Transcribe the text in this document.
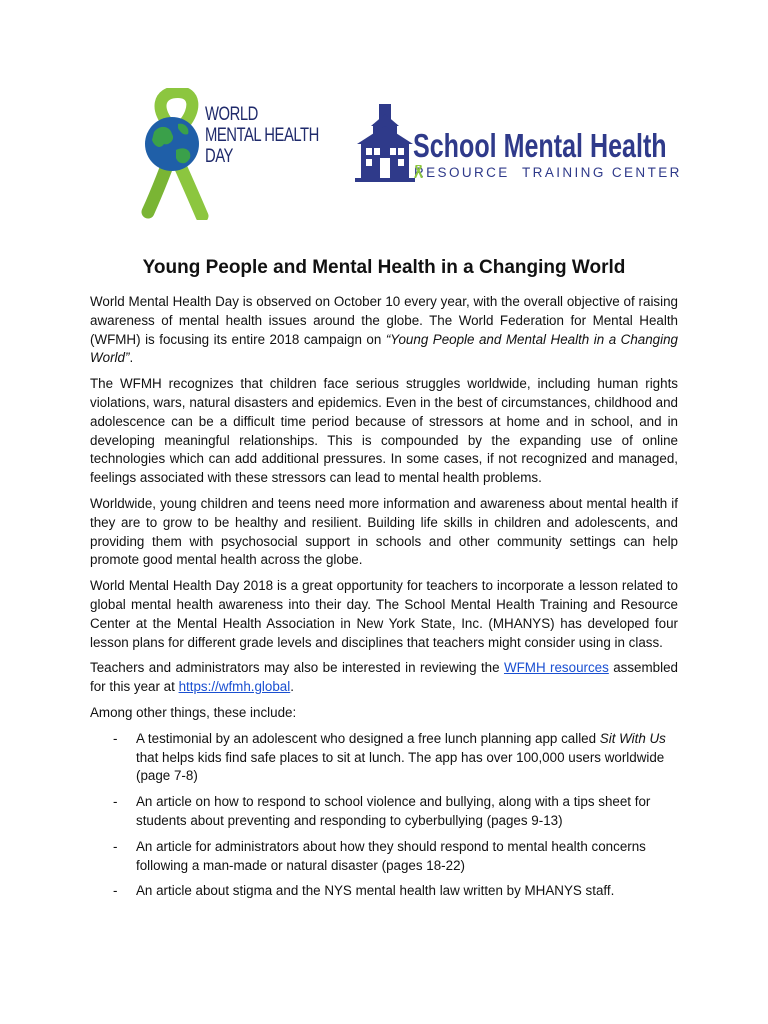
WORLD
MENTAL HEALTH
DAY	School Mental Health
RESOURCE TRAINING CENTER
Young People and Mental Health in a Changing World

World Mental Health Day is observed on October 10 every year, with the overall objective of raising awareness of mental health issues around the globe. The World Federation for Mental Health (WFMH) is focusing its entire 2018 campaign on “Young People and Mental Health in a Changing World”.

The WFMH recognizes that children face serious struggles worldwide, including human rights violations, wars, natural disasters and epidemics. Even in the best of circumstances, childhood and adolescence can be a difficult time period because of stressors at home and in school, and in developing meaningful relationships. This is compounded by the expanding use of online technologies which can add additional pressures. In some cases, if not recognized and managed, feelings associated with these stressors can lead to mental health problems.

Worldwide, young children and teens need more information and awareness about mental health if they are to grow to be healthy and resilient. Building life skills in children and adolescents, and providing them with psychosocial support in schools and other community settings can help promote good mental health across the globe.

World Mental Health Day 2018 is a great opportunity for teachers to incorporate a lesson related to global mental health awareness into their day. The School Mental Health Training and Resource Center at the Mental Health Association in New York State, Inc. (MHANYS) has developed four lesson plans for different grade levels and disciplines that teachers might consider using in class.

Teachers and administrators may also be interested in reviewing the WFMH resources assembled for this year at https://wfmh.global.

Among other things, these include:

- A testimonial by an adolescent who designed a free lunch planning app called Sit With Us that helps kids find safe places to sit at lunch. The app has over 100,000 users worldwide (page 7-8)
- An article on how to respond to school violence and bullying, along with a tips sheet for students about preventing and responding to cyberbullying (pages 9-13)
- An article for administrators about how they should respond to mental health concerns following a man-made or natural disaster (pages 18-22)
- An article about stigma and the NYS mental health law written by MHANYS staff.
